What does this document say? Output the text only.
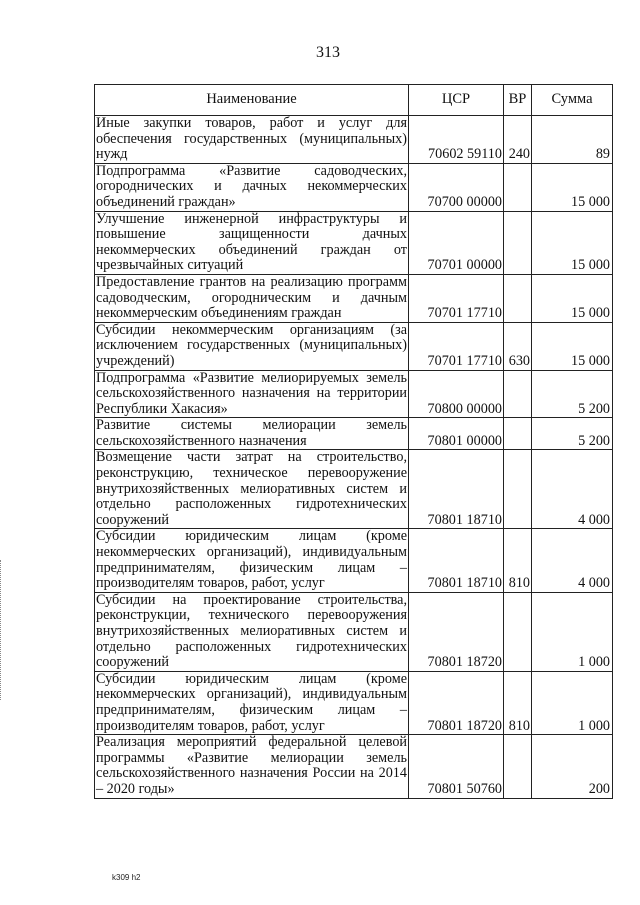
313
Наименование	ЦСР	ВР	Сумма
Иные закупки товаров, работ и услуг для обеспечения государственных (муниципальных) нужд	70602 59110	240	89
Подпрограмма «Развитие садоводческих, огороднических и дачных некоммерческих объединений граждан»	70700 00000		15 000
Улучшение инженерной инфраструктуры и повышение защищенности дачных некоммерческих объединений граждан от чрезвычайных ситуаций	70701 00000		15 000
Предоставление грантов на реализацию программ садоводческим, огородническим и дачным некоммерческим объединениям граждан	70701 17710		15 000
Субсидии некоммерческим организациям (за исключением государственных (муниципальных) учреждений)	70701 17710	630	15 000
Подпрограмма «Развитие мелиорируемых земель сельскохозяйственного назначения на территории Республики Хакасия»	70800 00000		5 200
Развитие системы мелиорации земель сельскохозяйственного назначения	70801 00000		5 200
Возмещение части затрат на строительство, реконструкцию, техническое перевооружение внутрихозяйственных мелиоративных систем и отдельно расположенных гидротехнических сооружений	70801 18710		4 000
Субсидии юридическим лицам (кроме некоммерческих организаций), индивидуальным предпринимателям, физическим лицам – производителям товаров, работ, услуг	70801 18710	810	4 000
Субсидии на проектирование строительства, реконструкции, технического перевооружения внутрихозяйственных мелиоративных систем и отдельно расположенных гидротехнических сооружений	70801 18720		1 000
Субсидии юридическим лицам (кроме некоммерческих организаций), индивидуальным предпринимателям, физическим лицам – производителям товаров, работ, услуг	70801 18720	810	1 000
Реализация мероприятий федеральной целевой программы «Развитие мелиорации земель сельскохозяйственного назначения России на 2014 – 2020 годы»	70801 50760		200
k309 h2
